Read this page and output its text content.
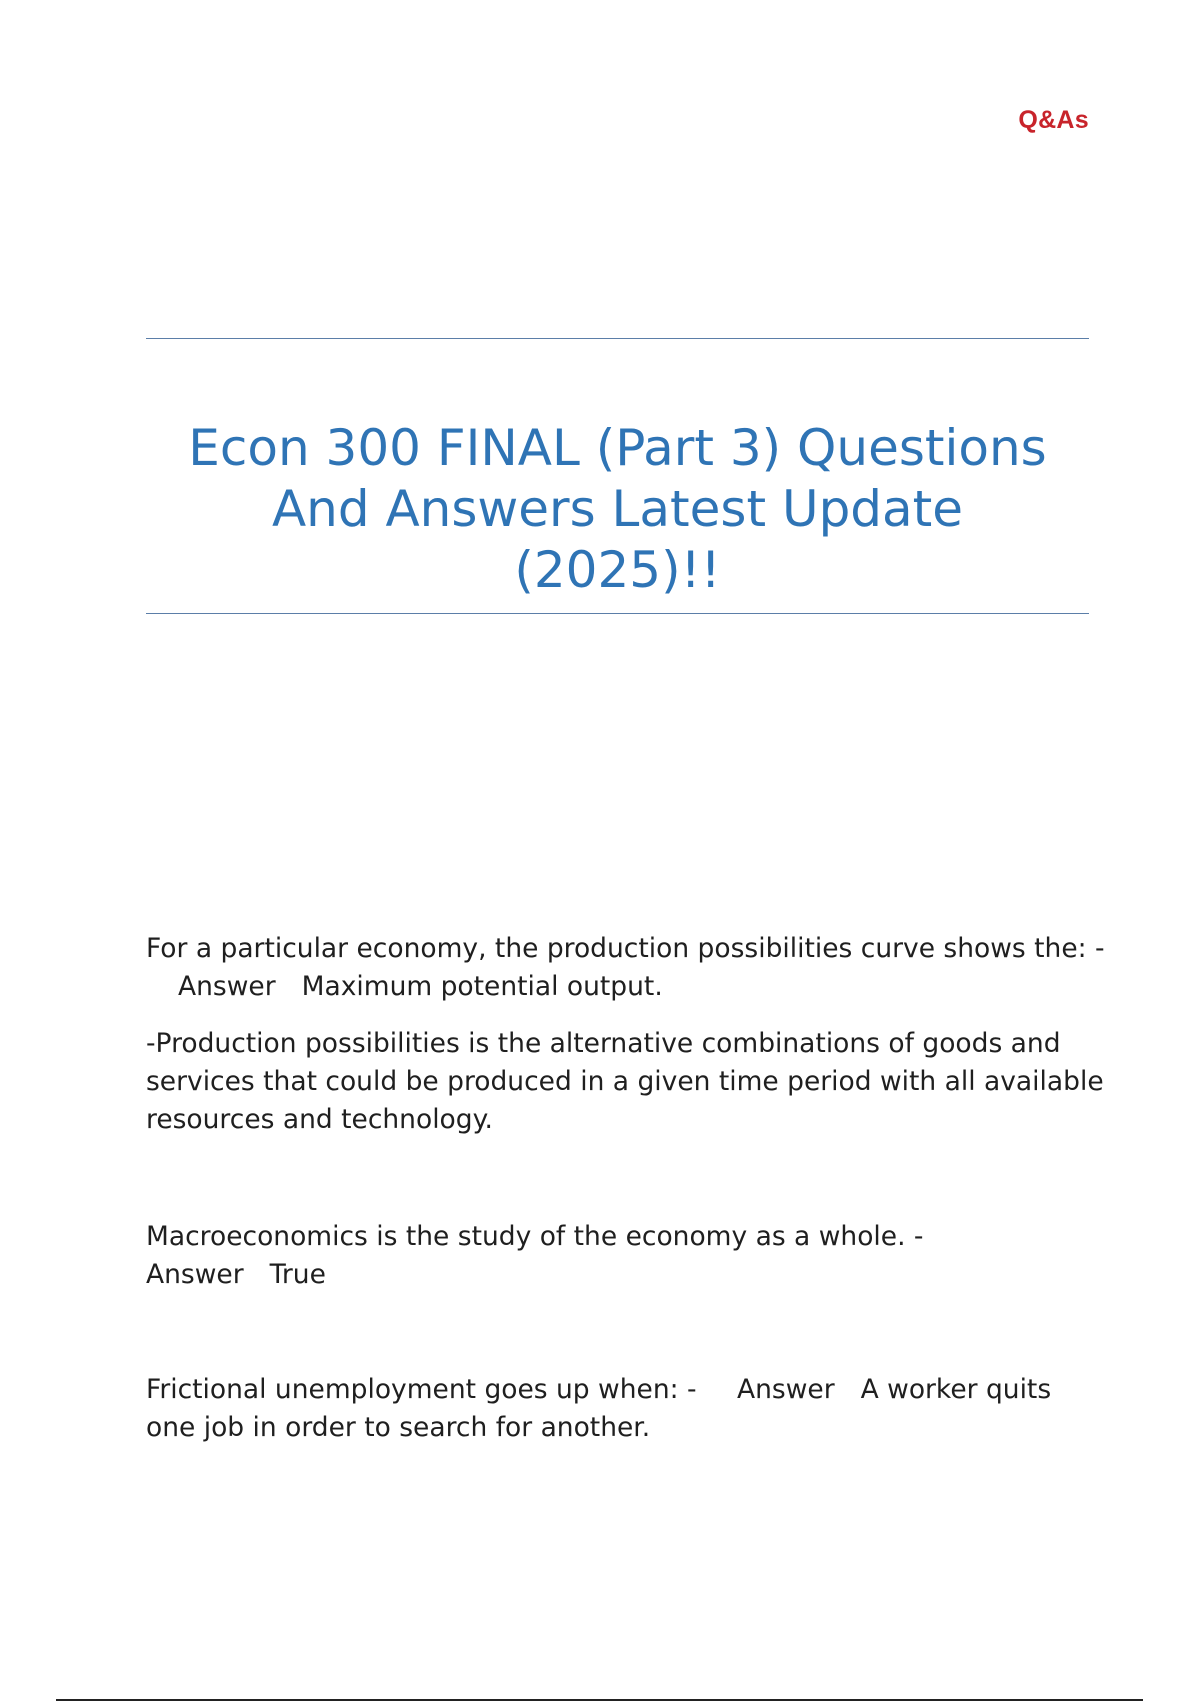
Q&As
Econ 300 FINAL (Part 3) Questions
And Answers Latest Update
(2025)!!

For a particular economy, the production possibilities curve shows the: - Answer Maximum potential output.

-Production possibilities is the alternative combinations of goods and services that could be produced in a given time period with all available resources and technology.

Macroeconomics is the study of the economy as a whole. -
Answer True

Frictional unemployment goes up when: - Answer A worker quits one job in order to search for another.
